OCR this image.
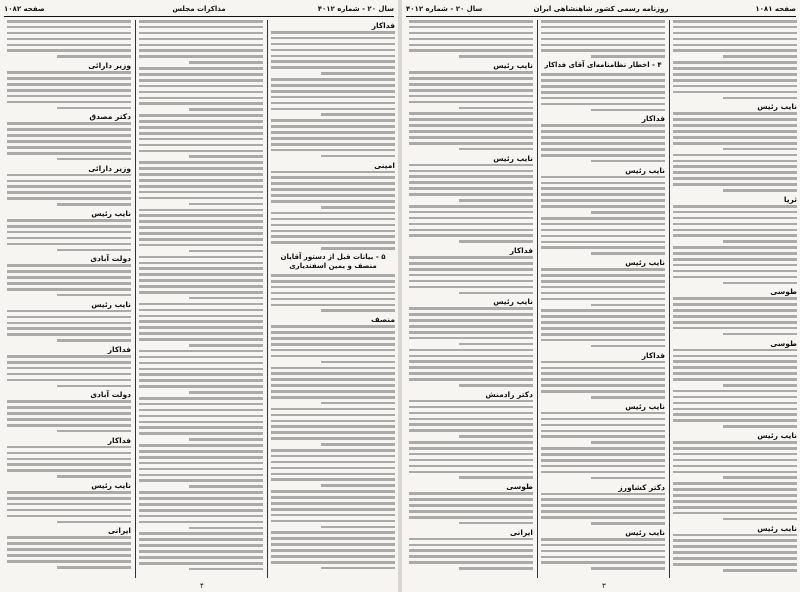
صفحه ۱۰۸۱
روزنامه رسمی کشور شاهنشاهی ایران
سال ۲۰ - شماره ۴۰۱۲
نایب رئیس
ثریا
طوسی
طوسی
نایب رئیس
نایب رئیس
۴ - اخطار نظامنامه‌ای آقای فداکار
فداکار
نایب رئیس
نایب رئیس
فداکار
نایب رئیس
دکتر کشاورز
نایب رئیس
نایب رئیس
نایب رئیس
فداکار
نایب رئیس
دکتر رادمنش
طوسی
ایرانی
۳
صفحه ۱۰۸۲	مذاکرات مجلس	سال ۲۰ - شماره ۴۰۱۲
فداکار
امینی
۵ - بیانات قبل از دستور آقایان منصف و یمین اسفندیاری
منصف
وزیر دارائی
دکتر مصدق
وزیر دارائی
نایب رئیس
دولت آبادی
نایب رئیس
فداکار
دولت آبادی
فداکار
نایب رئیس
ایرانی
۴
